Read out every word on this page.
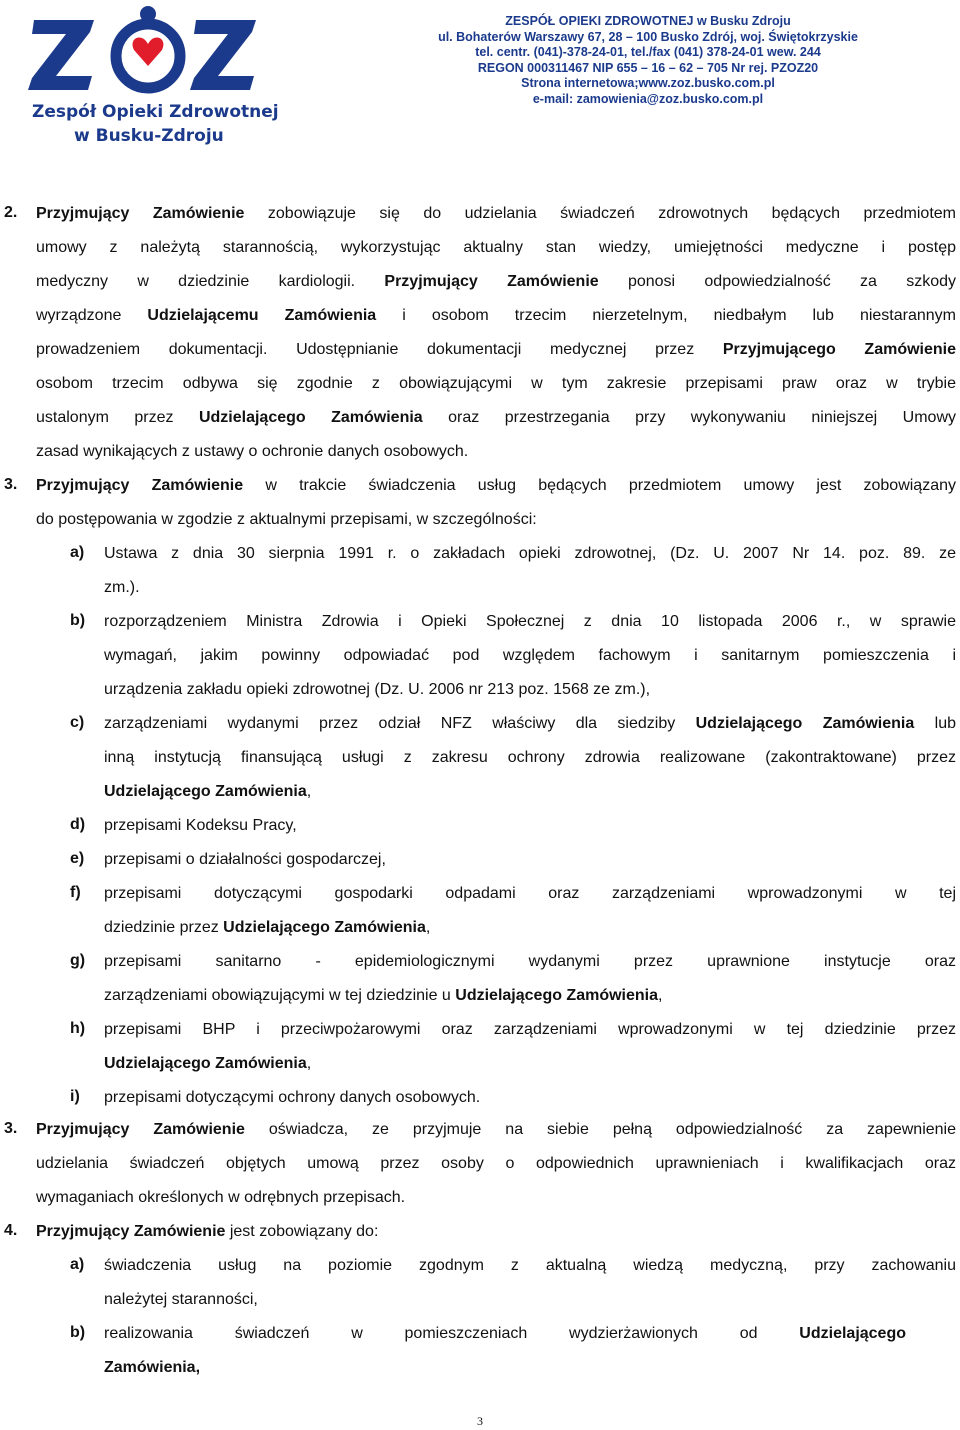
Zespół Opieki Zdrowotnej
w Busku-Zdroju
ZESPÓŁ OPIEKI ZDROWOTNEJ w Busku Zdroju
ul. Bohaterów Warszawy 67, 28 – 100 Busko Zdrój, woj. Świętokrzyskie
tel. centr. (041)-378-24-01, tel./fax (041) 378-24-01 wew. 244
REGON 000311467 NIP 655 – 16 – 62 – 705 Nr rej. PZOZ20
Strona internetowa;www.zoz.busko.com.pl
e-mail: zamowienia@zoz.busko.com.pl
2. Przyjmujący Zamówienie zobowiązuje się do udzielania świadczeń zdrowotnych będących przedmiotem
umowy z należytą starannością, wykorzystując aktualny stan wiedzy, umiejętności medyczne i postęp
medyczny w dziedzinie kardiologii. Przyjmujący Zamówienie ponosi odpowiedzialność za szkody
wyrządzone Udzielającemu Zamówienia i osobom trzecim nierzetelnym, niedbałym lub niestarannym
prowadzeniem dokumentacji. Udostępnianie dokumentacji medycznej przez Przyjmującego Zamówienie
osobom trzecim odbywa się zgodnie z obowiązującymi w tym zakresie przepisami praw oraz w trybie
ustalonym przez Udzielającego Zamówienia oraz przestrzegania przy wykonywaniu niniejszej Umowy
zasad wynikających z ustawy o ochronie danych osobowych.
3. Przyjmujący Zamówienie w trakcie świadczenia usług będących przedmiotem umowy jest zobowiązany
do postępowania w zgodzie z aktualnymi przepisami, w szczególności:
a) Ustawa z dnia 30 sierpnia 1991 r. o zakładach opieki zdrowotnej, (Dz. U. 2007 Nr 14. poz. 89. ze
zm.).
b) rozporządzeniem Ministra Zdrowia i Opieki Społecznej z dnia 10 listopada 2006 r., w sprawie
wymagań, jakim powinny odpowiadać pod względem fachowym i sanitarnym pomieszczenia i
urządzenia zakładu opieki zdrowotnej (Dz. U. 2006 nr 213 poz. 1568 ze zm.),
c) zarządzeniami wydanymi przez odział NFZ właściwy dla siedziby Udzielającego Zamówienia lub
inną instytucją finansującą usługi z zakresu ochrony zdrowia realizowane (zakontraktowane) przez
Udzielającego Zamówienia,
d) przepisami Kodeksu Pracy,
e) przepisami o działalności gospodarczej,
f) przepisami dotyczącymi gospodarki odpadami oraz zarządzeniami wprowadzonymi w tej
dziedzinie przez Udzielającego Zamówienia,
g) przepisami sanitarno - epidemiologicznymi wydanymi przez uprawnione instytucje oraz
zarządzeniami obowiązującymi w tej dziedzinie u Udzielającego Zamówienia,
h) przepisami BHP i przeciwpożarowymi oraz zarządzeniami wprowadzonymi w tej dziedzinie przez
Udzielającego Zamówienia,
i) przepisami dotyczącymi ochrony danych osobowych.
3. Przyjmujący Zamówienie oświadcza, ze przyjmuje na siebie pełną odpowiedzialność za zapewnienie
udzielania świadczeń objętych umową przez osoby o odpowiednich uprawnieniach i kwalifikacjach oraz
wymaganiach określonych w odrębnych przepisach.
4. Przyjmujący Zamówienie jest zobowiązany do:
a) świadczenia usług na poziomie zgodnym z aktualną wiedzą medyczną, przy zachowaniu
należytej staranności,
b) realizowania świadczeń w pomieszczeniach wydzierżawionych od Udzielającego
Zamówienia,
3
